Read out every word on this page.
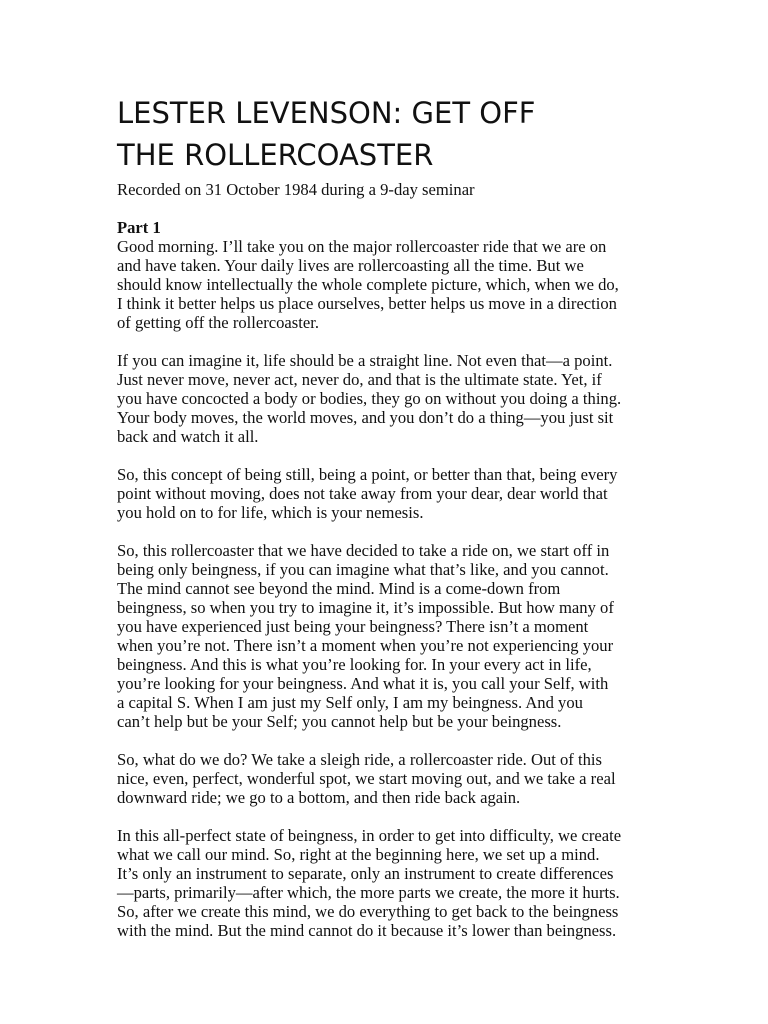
LESTER LEVENSON: GET OFF
THE ROLLERCOASTER
Recorded on 31 October 1984 during a 9-day seminar
Part 1

Good morning. I’ll take you on the major rollercoaster ride that we are on
and have taken. Your daily lives are rollercoasting all the time. But we
should know intellectually the whole complete picture, which, when we do,
I think it better helps us place ourselves, better helps us move in a direction
of getting off the rollercoaster.

If you can imagine it, life should be a straight line. Not even that—a point.
Just never move, never act, never do, and that is the ultimate state. Yet, if
you have concocted a body or bodies, they go on without you doing a thing.
Your body moves, the world moves, and you don’t do a thing—you just sit
back and watch it all.

So, this concept of being still, being a point, or better than that, being every
point without moving, does not take away from your dear, dear world that
you hold on to for life, which is your nemesis.

So, this rollercoaster that we have decided to take a ride on, we start off in
being only beingness, if you can imagine what that’s like, and you cannot.
The mind cannot see beyond the mind. Mind is a come-down from
beingness, so when you try to imagine it, it’s impossible. But how many of
you have experienced just being your beingness? There isn’t a moment
when you’re not. There isn’t a moment when you’re not experiencing your
beingness. And this is what you’re looking for. In your every act in life,
you’re looking for your beingness. And what it is, you call your Self, with
a capital S. When I am just my Self only, I am my beingness. And you
can’t help but be your Self; you cannot help but be your beingness.

So, what do we do? We take a sleigh ride, a rollercoaster ride. Out of this
nice, even, perfect, wonderful spot, we start moving out, and we take a real
downward ride; we go to a bottom, and then ride back again.

In this all-perfect state of beingness, in order to get into difficulty, we create
what we call our mind. So, right at the beginning here, we set up a mind.
It’s only an instrument to separate, only an instrument to create differences
—parts, primarily—after which, the more parts we create, the more it hurts.
So, after we create this mind, we do everything to get back to the beingness
with the mind. But the mind cannot do it because it’s lower than beingness.
